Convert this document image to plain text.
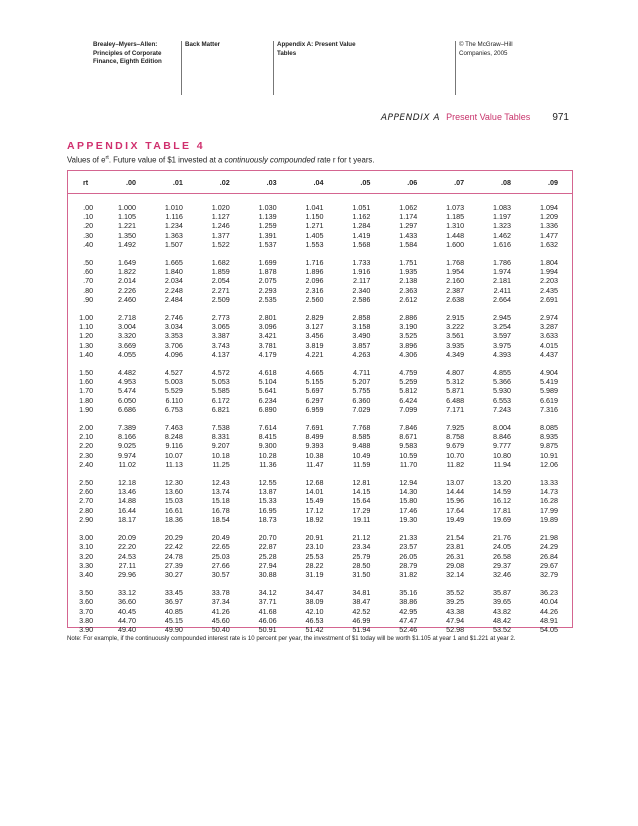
Brealey–Myers–Allen:
Principles of Corporate
Finance, Eighth Edition
Back Matter	Appendix A: Present Value
Tables
© The McGraw–Hill
Companies, 2005
APPENDIX A Present Value Tables 971
APPENDIX TABLE 4
Values of $e^{rt}$. Future value of $1 invested at a continuously compounded rate r for t years.
rt	.00	.01	.02	.03	.04	.05	.06	.07	.08	.09

.00	1.000	1.010	1.020	1.030	1.041	1.051	1.062	1.073	1.083	1.094
.10	1.105	1.116	1.127	1.139	1.150	1.162	1.174	1.185	1.197	1.209
.20	1.221	1.234	1.246	1.259	1.271	1.284	1.297	1.310	1.323	1.336
.30	1.350	1.363	1.377	1.391	1.405	1.419	1.433	1.448	1.462	1.477
.40	1.492	1.507	1.522	1.537	1.553	1.568	1.584	1.600	1.616	1.632

.50	1.649	1.665	1.682	1.699	1.716	1.733	1.751	1.768	1.786	1.804
.60	1.822	1.840	1.859	1.878	1.896	1.916	1.935	1.954	1.974	1.994
.70	2.014	2.034	2.054	2.075	2.096	2.117	2.138	2.160	2.181	2.203
.80	2.226	2.248	2.271	2.293	2.316	2.340	2.363	2.387	2.411	2.435
.90	2.460	2.484	2.509	2.535	2.560	2.586	2.612	2.638	2.664	2.691

1.00	2.718	2.746	2.773	2.801	2.829	2.858	2.886	2.915	2.945	2.974
1.10	3.004	3.034	3.065	3.096	3.127	3.158	3.190	3.222	3.254	3.287
1.20	3.320	3.353	3.387	3.421	3.456	3.490	3.525	3.561	3.597	3.633
1.30	3.669	3.706	3.743	3.781	3.819	3.857	3.896	3.935	3.975	4.015
1.40	4.055	4.096	4.137	4.179	4.221	4.263	4.306	4.349	4.393	4.437

1.50	4.482	4.527	4.572	4.618	4.665	4.711	4.759	4.807	4.855	4.904
1.60	4.953	5.003	5.053	5.104	5.155	5.207	5.259	5.312	5.366	5.419
1.70	5.474	5.529	5.585	5.641	5.697	5.755	5.812	5.871	5.930	5.989
1.80	6.050	6.110	6.172	6.234	6.297	6.360	6.424	6.488	6.553	6.619
1.90	6.686	6.753	6.821	6.890	6.959	7.029	7.099	7.171	7.243	7.316

2.00	7.389	7.463	7.538	7.614	7.691	7.768	7.846	7.925	8.004	8.085
2.10	8.166	8.248	8.331	8.415	8.499	8.585	8.671	8.758	8.846	8.935
2.20	9.025	9.116	9.207	9.300	9.393	9.488	9.583	9.679	9.777	9.875
2.30	9.974	10.07	10.18	10.28	10.38	10.49	10.59	10.70	10.80	10.91
2.40	11.02	11.13	11.25	11.36	11.47	11.59	11.70	11.82	11.94	12.06

2.50	12.18	12.30	12.43	12.55	12.68	12.81	12.94	13.07	13.20	13.33
2.60	13.46	13.60	13.74	13.87	14.01	14.15	14.30	14.44	14.59	14.73
2.70	14.88	15.03	15.18	15.33	15.49	15.64	15.80	15.96	16.12	16.28
2.80	16.44	16.61	16.78	16.95	17.12	17.29	17.46	17.64	17.81	17.99
2.90	18.17	18.36	18.54	18.73	18.92	19.11	19.30	19.49	19.69	19.89

3.00	20.09	20.29	20.49	20.70	20.91	21.12	21.33	21.54	21.76	21.98
3.10	22.20	22.42	22.65	22.87	23.10	23.34	23.57	23.81	24.05	24.29
3.20	24.53	24.78	25.03	25.28	25.53	25.79	26.05	26.31	26.58	26.84
3.30	27.11	27.39	27.66	27.94	28.22	28.50	28.79	29.08	29.37	29.67
3.40	29.96	30.27	30.57	30.88	31.19	31.50	31.82	32.14	32.46	32.79

3.50	33.12	33.45	33.78	34.12	34.47	34.81	35.16	35.52	35.87	36.23
3.60	36.60	36.97	37.34	37.71	38.09	38.47	38.86	39.25	39.65	40.04
3.70	40.45	40.85	41.26	41.68	42.10	42.52	42.95	43.38	43.82	44.26
3.80	44.70	45.15	45.60	46.06	46.53	46.99	47.47	47.94	48.42	48.91
3.90	49.40	49.90	50.40	50.91	51.42	51.94	52.46	52.98	53.52	54.05
Note: For example, if the continuously compounded interest rate is 10 percent per year, the investment of $1 today will be worth $1.105 at year 1 and $1.221 at year 2.
